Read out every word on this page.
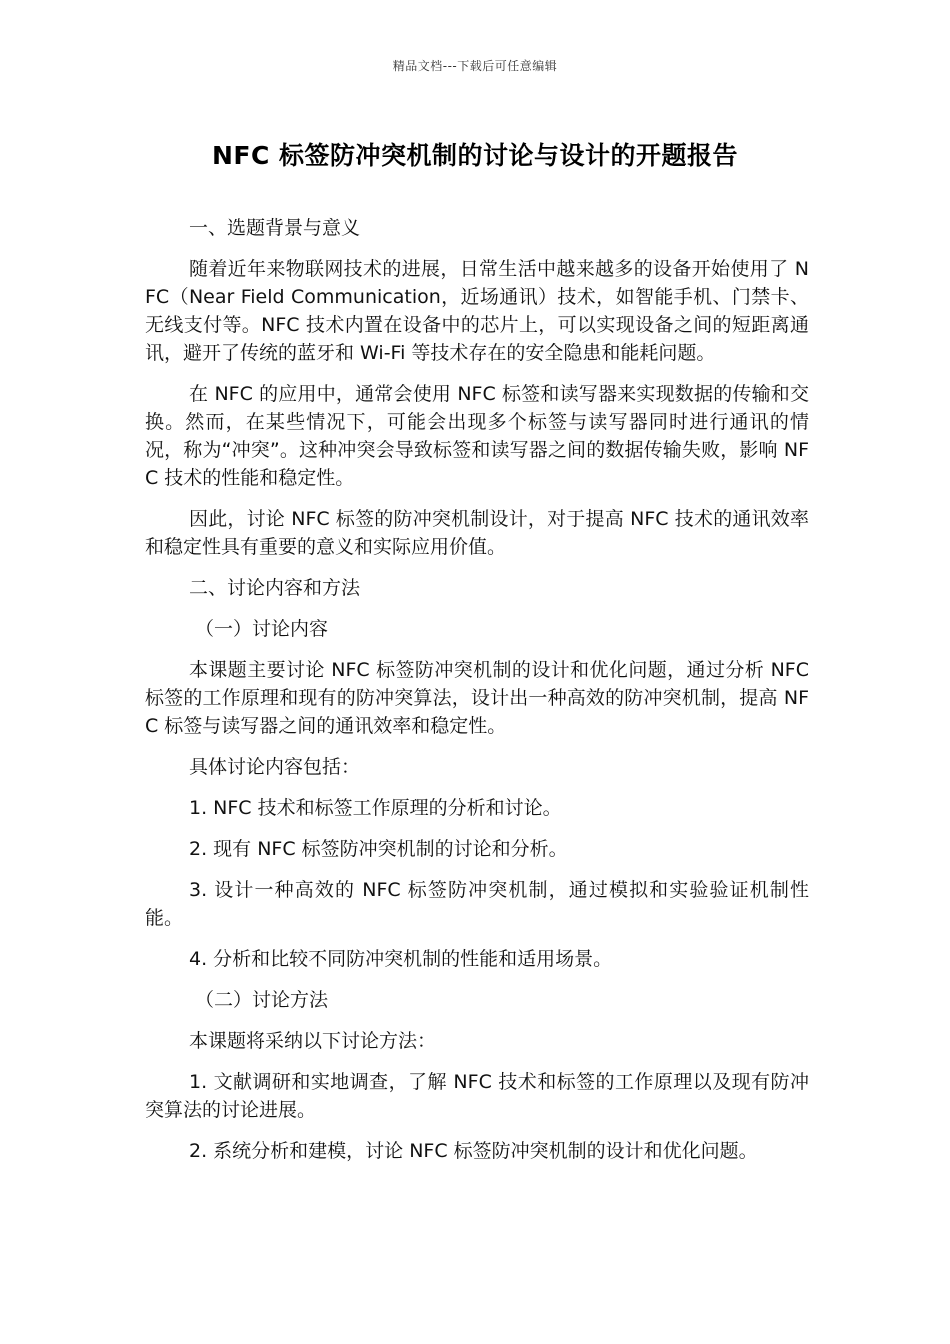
精品文档---下载后可任意编辑
NFC 标签防冲突机制的讨论与设计的开题报告

一、选题背景与意义

随着近年来物联网技术的进展，日常生活中越来越多的设备开始使用了 NFC（Near Field Communication，近场通讯）技术，如智能手机、门禁卡、无线支付等。NFC 技术内置在设备中的芯片上，可以实现设备之间的短距离通讯，避开了传统的蓝牙和 Wi-Fi 等技术存在的安全隐患和能耗问题。

在 NFC 的应用中，通常会使用 NFC 标签和读写器来实现数据的传输和交换。然而，在某些情况下，可能会出现多个标签与读写器同时进行通讯的情况，称为“冲突”。这种冲突会导致标签和读写器之间的数据传输失败，影响 NFC 技术的性能和稳定性。

因此，讨论 NFC 标签的防冲突机制设计，对于提高 NFC 技术的通讯效率和稳定性具有重要的意义和实际应用价值。

二、讨论内容和方法

（一）讨论内容

本课题主要讨论 NFC 标签防冲突机制的设计和优化问题，通过分析 NFC 标签的工作原理和现有的防冲突算法，设计出一种高效的防冲突机制，提高 NFC 标签与读写器之间的通讯效率和稳定性。

具体讨论内容包括：

1. NFC 技术和标签工作原理的分析和讨论。

2. 现有 NFC 标签防冲突机制的讨论和分析。

3. 设计一种高效的 NFC 标签防冲突机制，通过模拟和实验验证机制性能。

4. 分析和比较不同防冲突机制的性能和适用场景。

（二）讨论方法

本课题将采纳以下讨论方法：

1. 文献调研和实地调查，了解 NFC 技术和标签的工作原理以及现有防冲突算法的讨论进展。

2. 系统分析和建模，讨论 NFC 标签防冲突机制的设计和优化问题。
